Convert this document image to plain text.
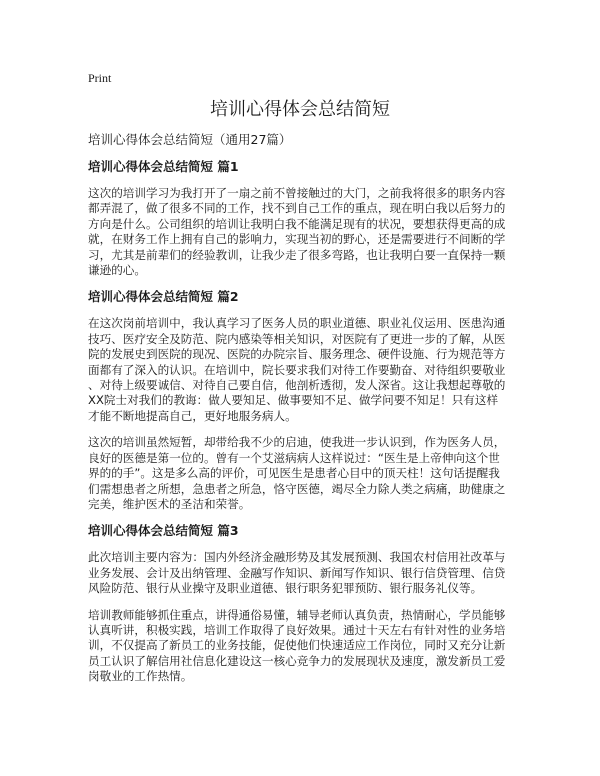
Print
培训心得体会总结简短
培训心得体会总结简短（通用27篇）
培训心得体会总结简短 篇1
这次的培训学习为我打开了一扇之前不曾接触过的大门，之前我将很多的职务内容
都弄混了，做了很多不同的工作，找不到自己工作的重点，现在明白我以后努力的
方向是什么。公司组织的培训让我明白我不能满足现有的状况，要想获得更高的成
就，在财务工作上拥有自己的影响力，实现当初的野心，还是需要进行不间断的学
习，尤其是前辈们的经验教训，让我少走了很多弯路，也让我明白要一直保持一颗
谦逊的心。
培训心得体会总结简短 篇2
在这次岗前培训中，我认真学习了医务人员的职业道德、职业礼仪运用、医患沟通
技巧、医疗安全及防范、院内感染等相关知识，对医院有了更进一步的了解，从医
院的发展史到医院的现况、医院的办院宗旨、服务理念、硬件设施、行为规范等方
面都有了深入的认识。在培训中，院长要求我们对待工作要勤奋、对待组织要敬业
、对待上级要诚信、对待自己要自信，他剖析透彻，发人深省。这让我想起尊敬的
XX院士对我们的教诲：做人要知足、做事要知不足、做学问要不知足！只有这样
才能不断地提高自己，更好地服务病人。
这次的培训虽然短暂，却带给我不少的启迪，使我进一步认识到，作为医务人员，
良好的医德是第一位的。曾有一个艾滋病病人这样说过：“医生是上帝伸向这个世
界的的手”。这是多么高的评价，可见医生是患者心目中的顶天柱！这句话提醒我
们需想患者之所想，急患者之所急，恪守医德，竭尽全力除人类之病痛，助健康之
完美，维护医术的圣洁和荣誉。
培训心得体会总结简短 篇3
此次培训主要内容为：国内外经济金融形势及其发展预测、我国农村信用社改革与
业务发展、会计及出纳管理、金融写作知识、新闻写作知识、银行信贷管理、信贷
风险防范、银行从业操守及职业道德、银行职务犯罪预防、银行服务礼仪等。
培训教师能够抓住重点，讲得通俗易懂，辅导老师认真负责，热情耐心，学员能够
认真听讲，积极实践，培训工作取得了良好效果。通过十天左右有针对性的业务培
训，不仅提高了新员工的业务技能，促使他们快速适应工作岗位，同时又充分让新
员工认识了解信用社信息化建设这一核心竞争力的发展现状及速度，激发新员工爱
岗敬业的工作热情。
